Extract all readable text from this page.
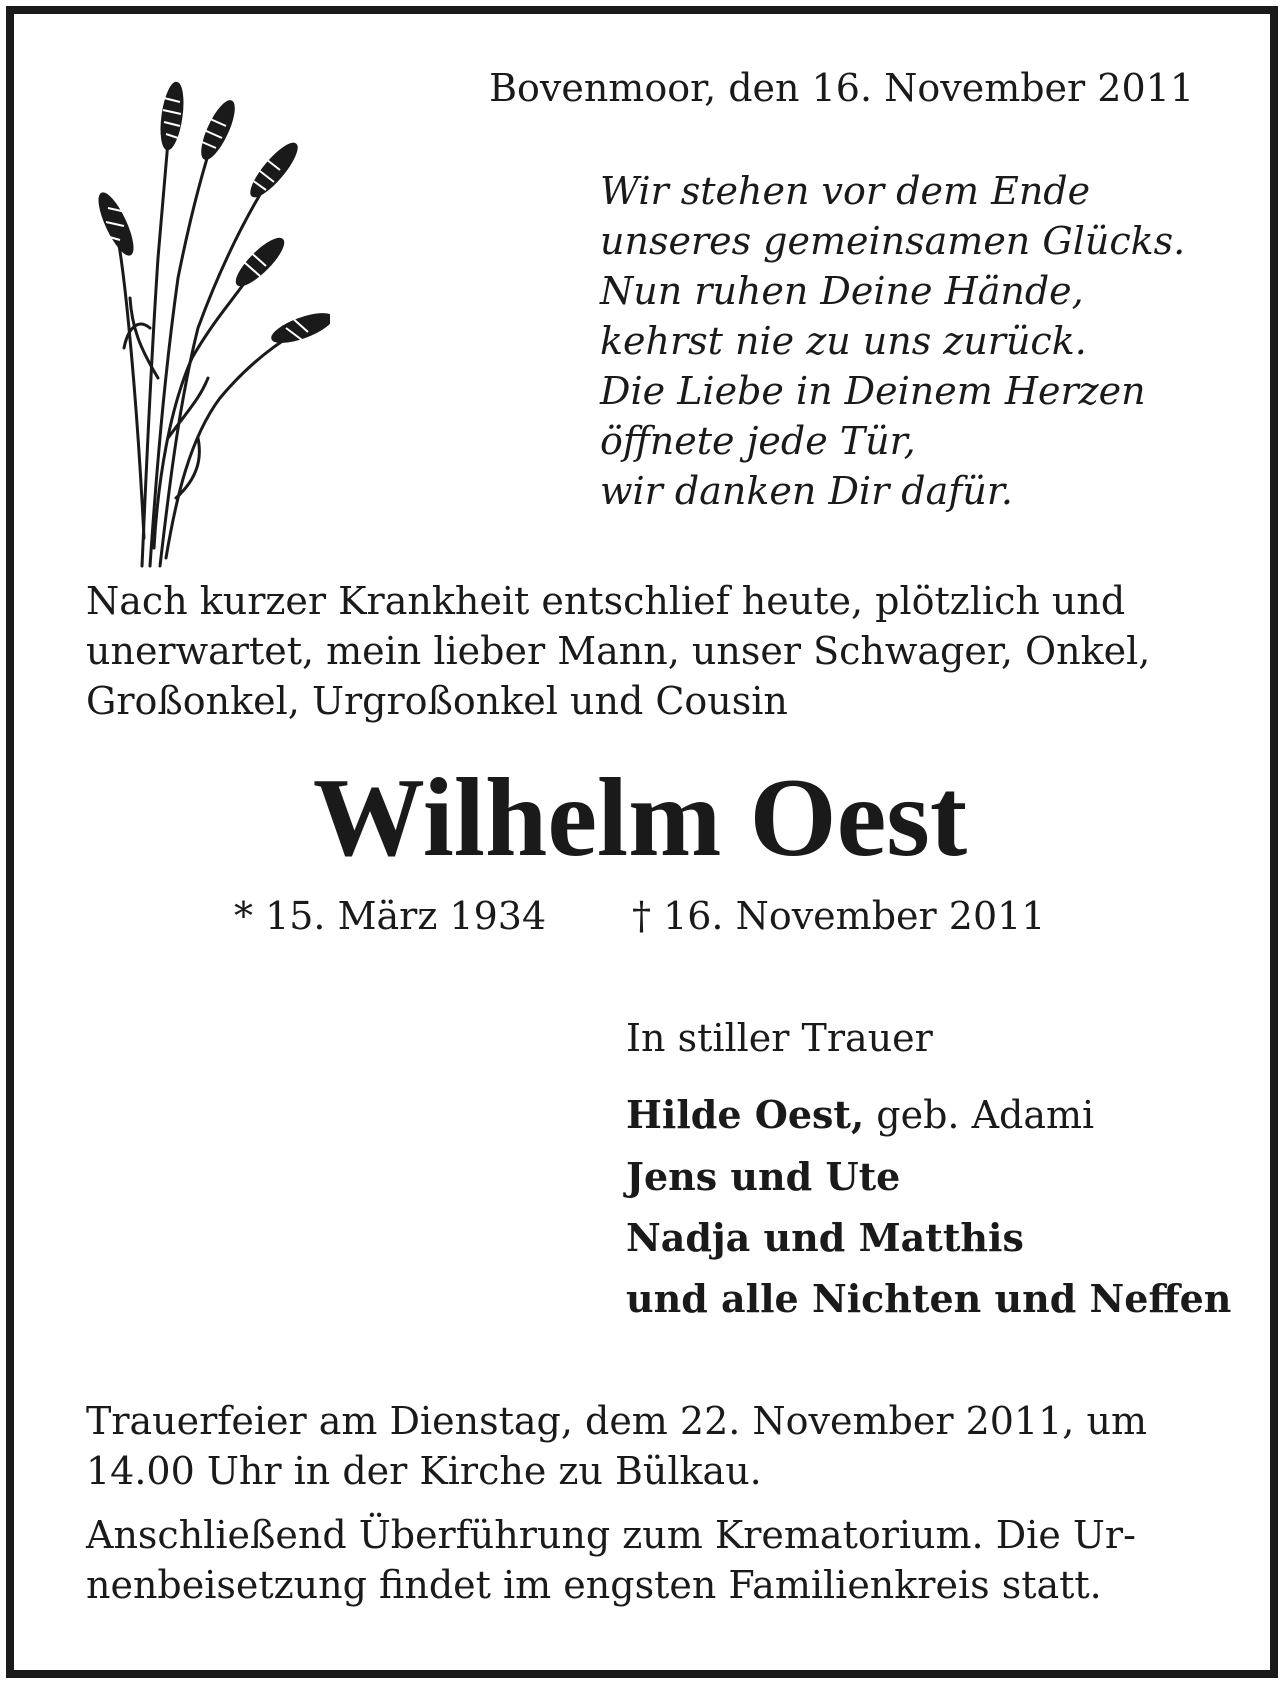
Bovenmoor, den 16. November 2011
Wir stehen vor dem Ende
unseres gemeinsamen Glücks.
Nun ruhen Deine Hände,
kehrst nie zu uns zurück.
Die Liebe in Deinem Herzen
öffnete jede Tür,
wir danken Dir dafür.
Nach kurzer Krankheit entschlief heute, plötzlich und
unerwartet, mein lieber Mann, unser Schwager, Onkel,
Großonkel, Urgroßonkel und Cousin
Wilhelm Oest
* 15. März 1934 † 16. November 2011
In stiller Trauer
Hilde Oest, geb. Adami
Jens und Ute
Nadja und Matthis
und alle Nichten und Neffen
Trauerfeier am Dienstag, dem 22. November 2011, um
14.00 Uhr in der Kirche zu Bülkau.
Anschließend Überführung zum Krematorium. Die Ur-
nenbeisetzung findet im engsten Familienkreis statt.
